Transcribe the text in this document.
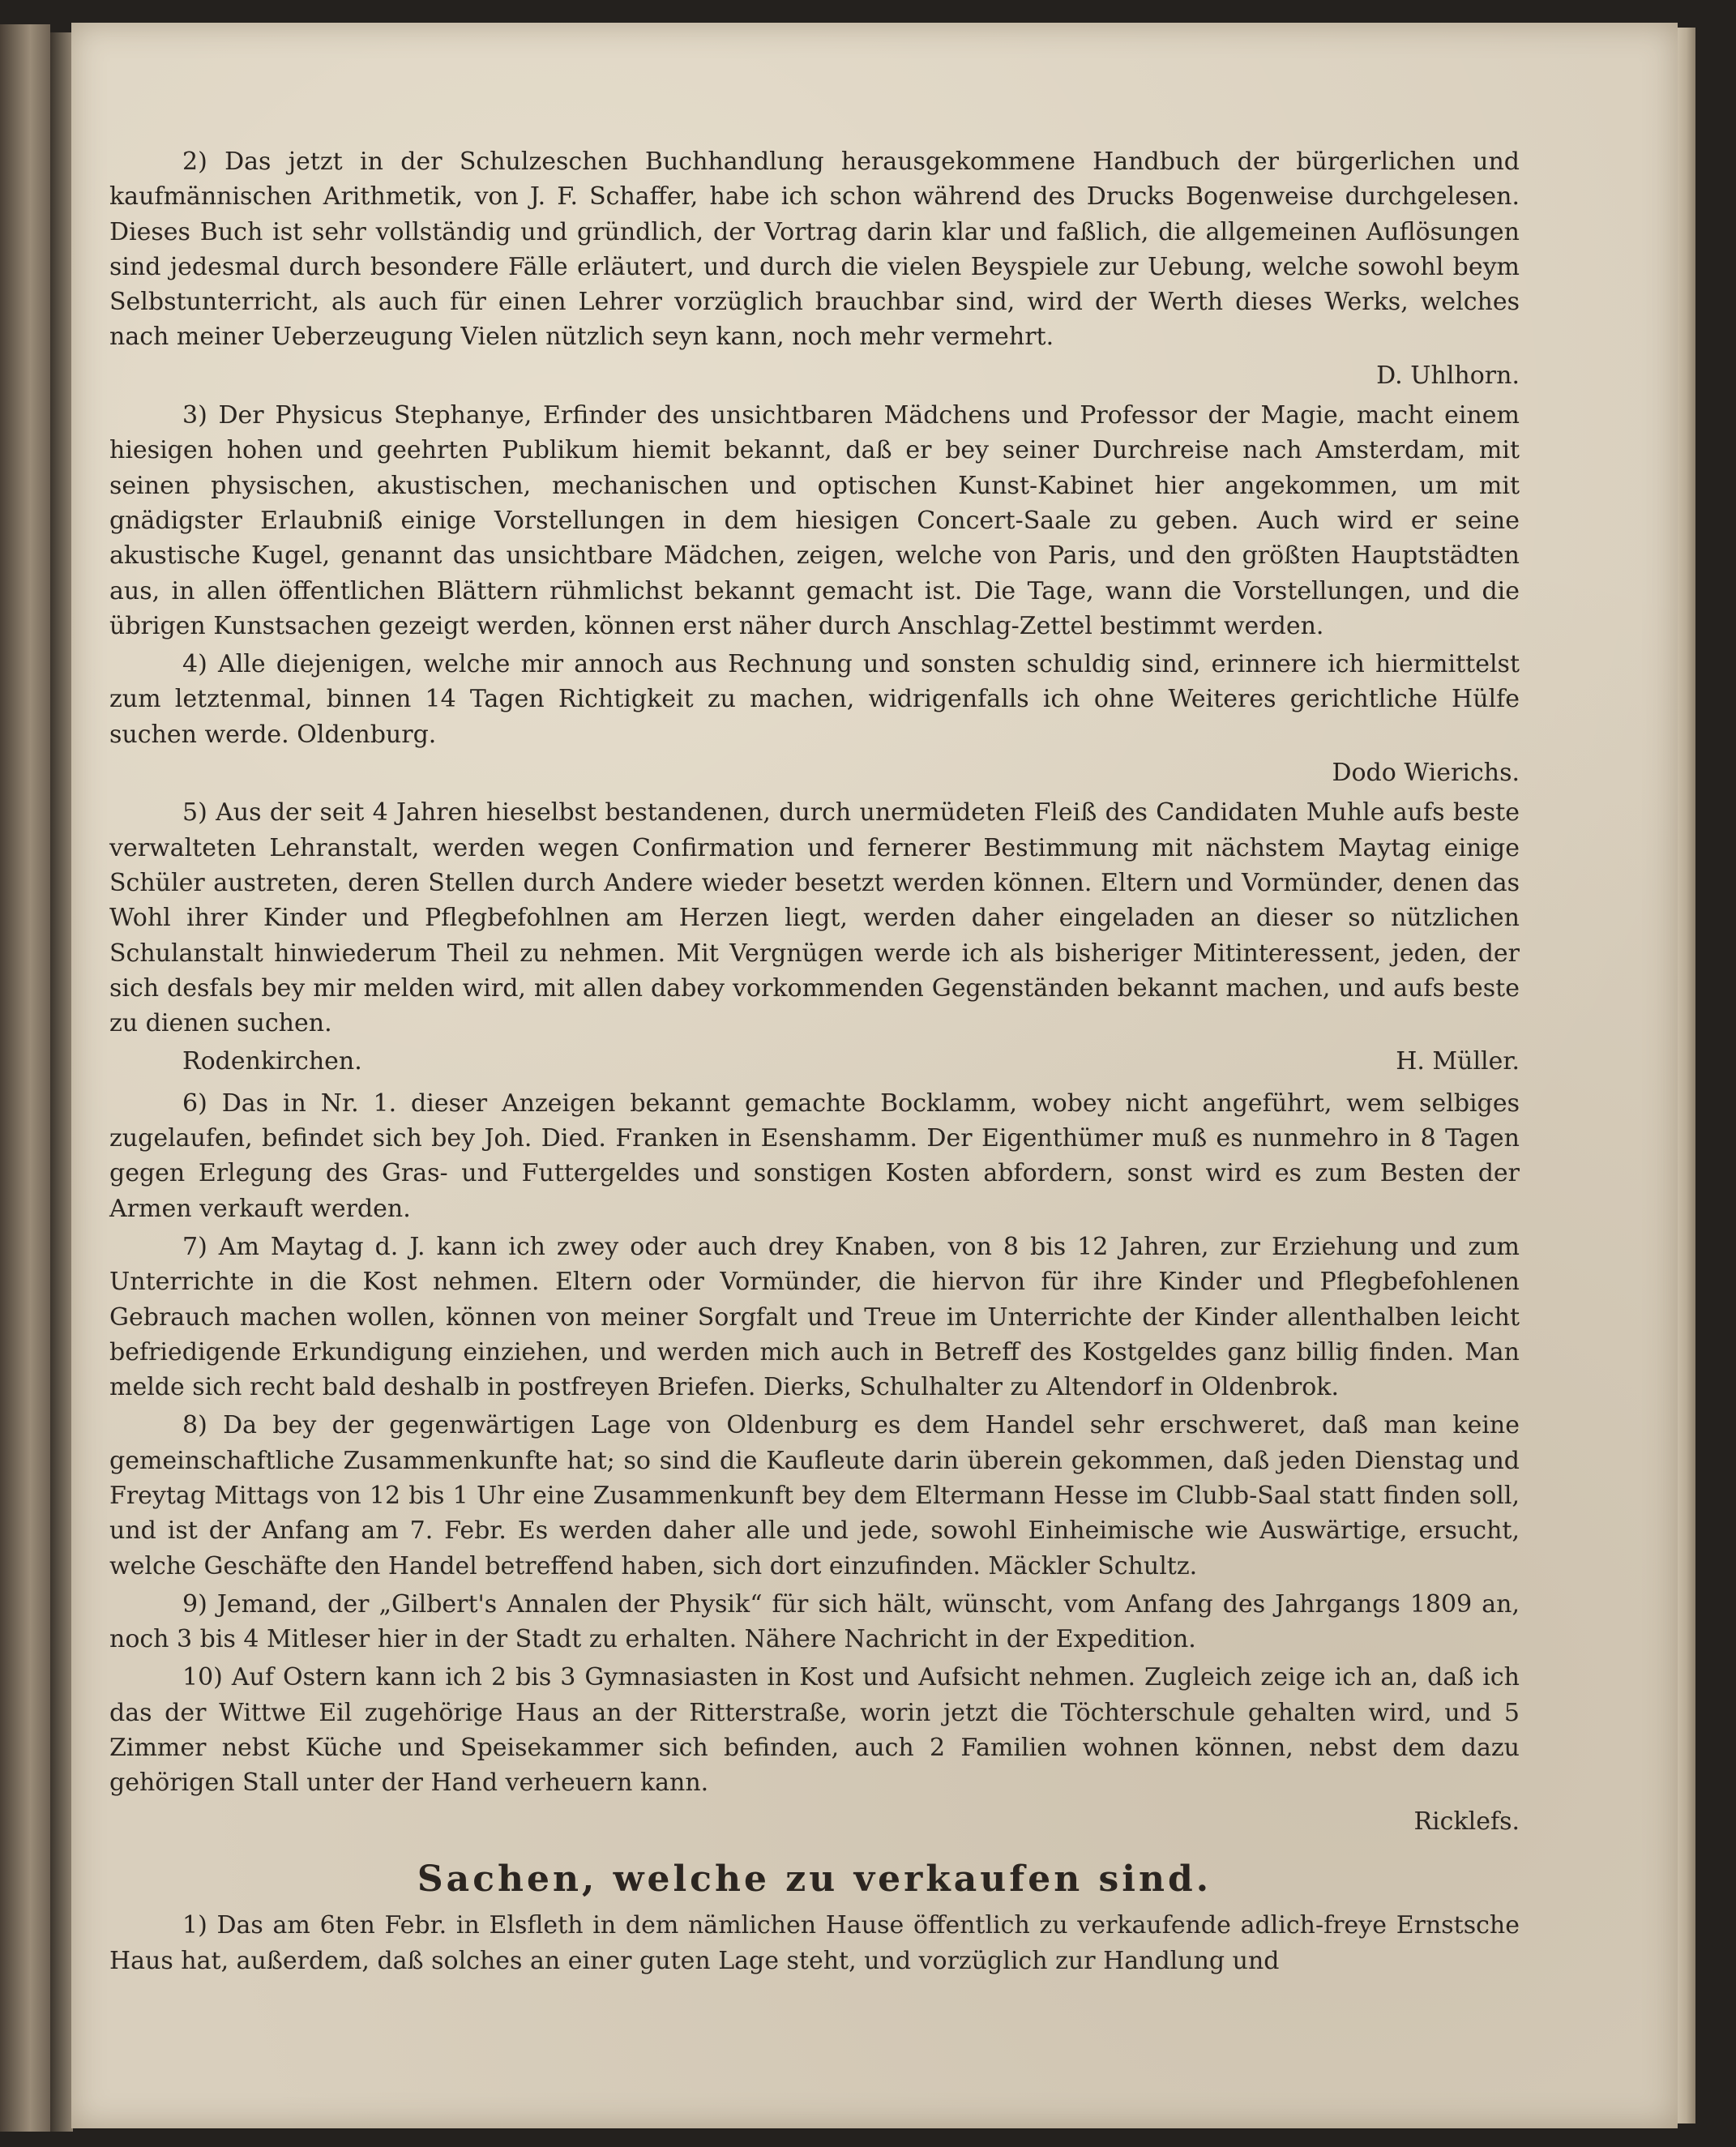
2) Das jetzt in der Schulzeschen Buchhandlung herausgekommene Handbuch der bürgerlichen und kaufmännischen Arithmetik, von J. F. Schaffer, habe ich schon während des Drucks Bogenweise durchgelesen. Dieses Buch ist sehr vollständig und gründlich, der Vortrag darin klar und faßlich, die allgemeinen Auflösungen sind jedesmal durch besondere Fälle erläutert, und durch die vielen Beyspiele zur Uebung, welche sowohl beym Selbstunterricht, als auch für einen Lehrer vorzüglich brauchbar sind, wird der Werth dieses Werks, welches nach meiner Ueberzeugung Vielen nützlich seyn kann, noch mehr vermehrt.

D. Uhlhorn.

3) Der Physicus Stephanye, Erfinder des unsichtbaren Mädchens und Professor der Magie, macht einem hiesigen hohen und geehrten Publikum hiemit bekannt, daß er bey seiner Durchreise nach Amsterdam, mit seinen physischen, akustischen, mechanischen und optischen Kunst-Kabinet hier angekommen, um mit gnädigster Erlaubniß einige Vorstellungen in dem hiesigen Concert-Saale zu geben. Auch wird er seine akustische Kugel, genannt das unsichtbare Mädchen, zeigen, welche von Paris, und den größten Hauptstädten aus, in allen öffentlichen Blättern rühmlichst bekannt gemacht ist. Die Tage, wann die Vorstellungen, und die übrigen Kunstsachen gezeigt werden, können erst näher durch Anschlag-Zettel bestimmt werden.

4) Alle diejenigen, welche mir annoch aus Rechnung und sonsten schuldig sind, erinnere ich hiermittelst zum letztenmal, binnen 14 Tagen Richtigkeit zu machen, widrigenfalls ich ohne Weiteres gerichtliche Hülfe suchen werde. Oldenburg.

Dodo Wierichs.

5) Aus der seit 4 Jahren hieselbst bestandenen, durch unermüdeten Fleiß des Candidaten Muhle aufs beste verwalteten Lehranstalt, werden wegen Confirmation und fernerer Bestimmung mit nächstem Maytag einige Schüler austreten, deren Stellen durch Andere wieder besetzt werden können. Eltern und Vormünder, denen das Wohl ihrer Kinder und Pflegbefohlnen am Herzen liegt, werden daher eingeladen an dieser so nützlichen Schulanstalt hinwiederum Theil zu nehmen. Mit Vergnügen werde ich als bisheriger Mitinteressent, jeden, der sich desfals bey mir melden wird, mit allen dabey vorkommenden Gegenständen bekannt machen, und aufs beste zu dienen suchen.

Rodenkirchen.	H. Müller.

6) Das in Nr. 1. dieser Anzeigen bekannt gemachte Bocklamm, wobey nicht angeführt, wem selbiges zugelaufen, befindet sich bey Joh. Died. Franken in Esenshamm. Der Eigenthümer muß es nunmehro in 8 Tagen gegen Erlegung des Gras- und Futtergeldes und sonstigen Kosten abfordern, sonst wird es zum Besten der Armen verkauft werden.

7) Am Maytag d. J. kann ich zwey oder auch drey Knaben, von 8 bis 12 Jahren, zur Erziehung und zum Unterrichte in die Kost nehmen. Eltern oder Vormünder, die hiervon für ihre Kinder und Pflegbefohlenen Gebrauch machen wollen, können von meiner Sorgfalt und Treue im Unterrichte der Kinder allenthalben leicht befriedigende Erkundigung einziehen, und werden mich auch in Betreff des Kostgeldes ganz billig finden. Man melde sich recht bald deshalb in postfreyen Briefen. Dierks, Schulhalter zu Altendorf in Oldenbrok.

8) Da bey der gegenwärtigen Lage von Oldenburg es dem Handel sehr erschweret, daß man keine gemeinschaftliche Zusammenkunfte hat; so sind die Kaufleute darin überein gekommen, daß jeden Dienstag und Freytag Mittags von 12 bis 1 Uhr eine Zusammenkunft bey dem Eltermann Hesse im Clubb-Saal statt finden soll, und ist der Anfang am 7. Febr. Es werden daher alle und jede, sowohl Einheimische wie Auswärtige, ersucht, welche Geschäfte den Handel betreffend haben, sich dort einzufinden. Mäckler Schultz.

9) Jemand, der „Gilbert's Annalen der Physik“ für sich hält, wünscht, vom Anfang des Jahrgangs 1809 an, noch 3 bis 4 Mitleser hier in der Stadt zu erhalten. Nähere Nachricht in der Expedition.

10) Auf Ostern kann ich 2 bis 3 Gymnasiasten in Kost und Aufsicht nehmen. Zugleich zeige ich an, daß ich das der Wittwe Eil zugehörige Haus an der Ritterstraße, worin jetzt die Töchterschule gehalten wird, und 5 Zimmer nebst Küche und Speisekammer sich befinden, auch 2 Familien wohnen können, nebst dem dazu gehörigen Stall unter der Hand verheuern kann.

Ricklefs.

Sachen, welche zu verkaufen sind.

1) Das am 6ten Febr. in Elsfleth in dem nämlichen Hause öffentlich zu verkaufende adlich-freye Ernstsche Haus hat, außerdem, daß solches an einer guten Lage steht, und vorzüglich zur Handlung und
